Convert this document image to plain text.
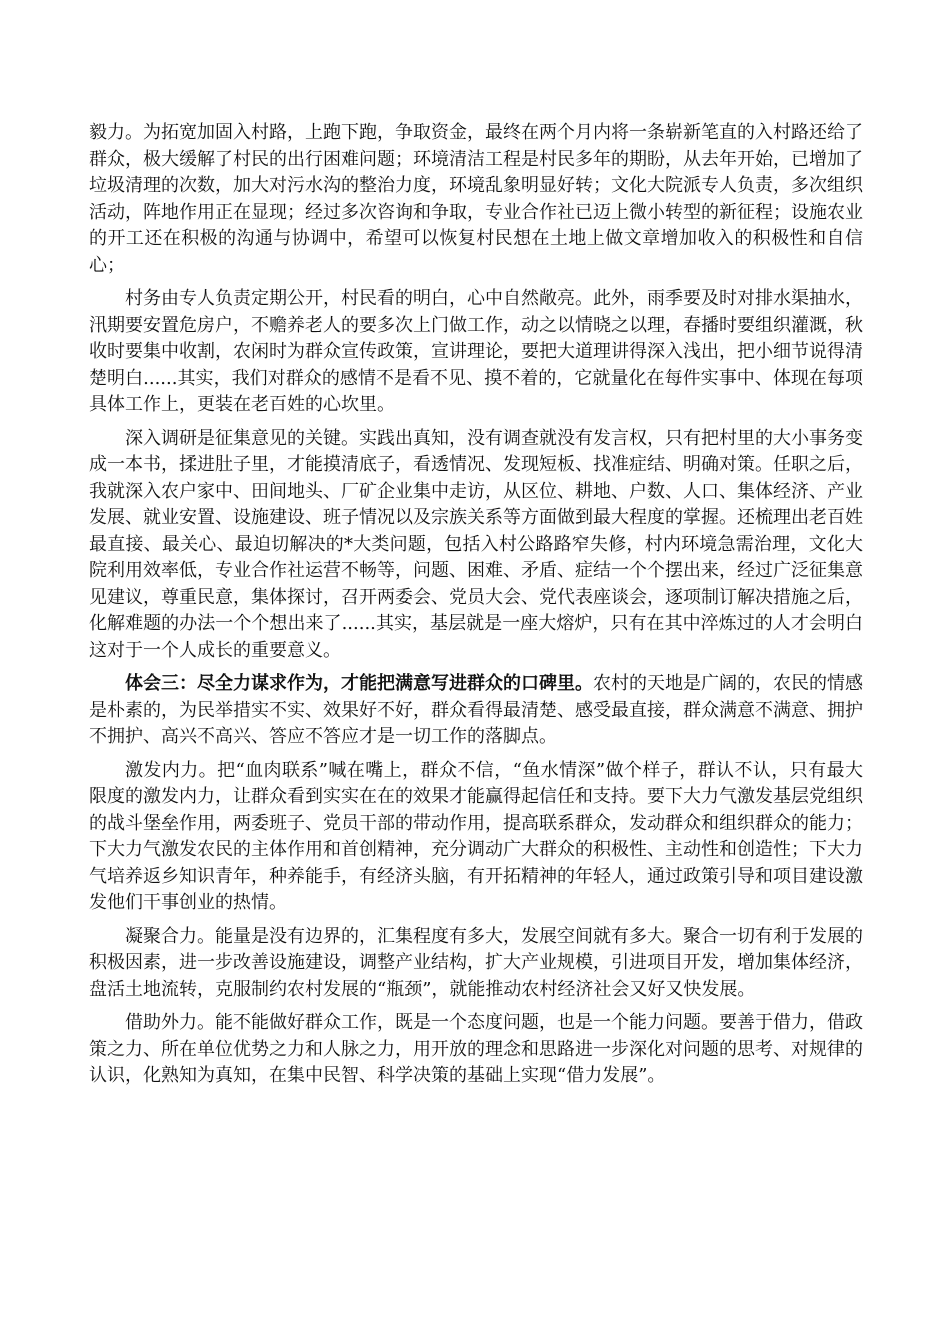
毅力。为拓宽加固入村路，上跑下跑，争取资金，最终在两个月内将一条崭新笔直的入村路还给了群众，极大缓解了村民的出行困难问题；环境清洁工程是村民多年的期盼，从去年开始，已增加了垃圾清理的次数，加大对污水沟的整治力度，环境乱象明显好转；文化大院派专人负责，多次组织活动，阵地作用正在显现；经过多次咨询和争取，专业合作社已迈上微小转型的新征程；设施农业的开工还在积极的沟通与协调中，希望可以恢复村民想在土地上做文章增加收入的积极性和自信心；

村务由专人负责定期公开，村民看的明白，心中自然敞亮。此外，雨季要及时对排水渠抽水，汛期要安置危房户，不赡养老人的要多次上门做工作，动之以情晓之以理，春播时要组织灌溉，秋收时要集中收割，农闲时为群众宣传政策，宣讲理论，要把大道理讲得深入浅出，把小细节说得清楚明白......其实，我们对群众的感情不是看不见、摸不着的，它就量化在每件实事中、体现在每项具体工作上，更装在老百姓的心坎里。

深入调研是征集意见的关键。实践出真知，没有调查就没有发言权，只有把村里的大小事务变成一本书，揉进肚子里，才能摸清底子，看透情况、发现短板、找准症结、明确对策。任职之后，我就深入农户家中、田间地头、厂矿企业集中走访，从区位、耕地、户数、人口、集体经济、产业发展、就业安置、设施建设、班子情况以及宗族关系等方面做到最大程度的掌握。还梳理出老百姓最直接、最关心、最迫切解决的*大类问题，包括入村公路路窄失修，村内环境急需治理，文化大院利用效率低，专业合作社运营不畅等，问题、困难、矛盾、症结一个个摆出来，经过广泛征集意见建议，尊重民意，集体探讨，召开两委会、党员大会、党代表座谈会，逐项制订解决措施之后，化解难题的办法一个个想出来了......其实，基层就是一座大熔炉，只有在其中淬炼过的人才会明白这对于一个人成长的重要意义。

体会三：尽全力谋求作为，才能把满意写进群众的口碑里。农村的天地是广阔的，农民的情感是朴素的，为民举措实不实、效果好不好，群众看得最清楚、感受最直接，群众满意不满意、拥护不拥护、高兴不高兴、答应不答应才是一切工作的落脚点。

激发内力。把“血肉联系”喊在嘴上，群众不信，“鱼水情深”做个样子，群认不认，只有最大限度的激发内力，让群众看到实实在在的效果才能赢得起信任和支持。要下大力气激发基层党组织的战斗堡垒作用，两委班子、党员干部的带动作用，提高联系群众，发动群众和组织群众的能力；下大力气激发农民的主体作用和首创精神，充分调动广大群众的积极性、主动性和创造性；下大力气培养返乡知识青年，种养能手，有经济头脑，有开拓精神的年轻人，通过政策引导和项目建设激发他们干事创业的热情。

凝聚合力。能量是没有边界的，汇集程度有多大，发展空间就有多大。聚合一切有利于发展的积极因素，进一步改善设施建设，调整产业结构，扩大产业规模，引进项目开发，增加集体经济，盘活土地流转，克服制约农村发展的“瓶颈”，就能推动农村经济社会又好又快发展。

借助外力。能不能做好群众工作，既是一个态度问题，也是一个能力问题。要善于借力，借政策之力、所在单位优势之力和人脉之力，用开放的理念和思路进一步深化对问题的思考、对规律的认识，化熟知为真知，在集中民智、科学决策的基础上实现“借力发展”。
